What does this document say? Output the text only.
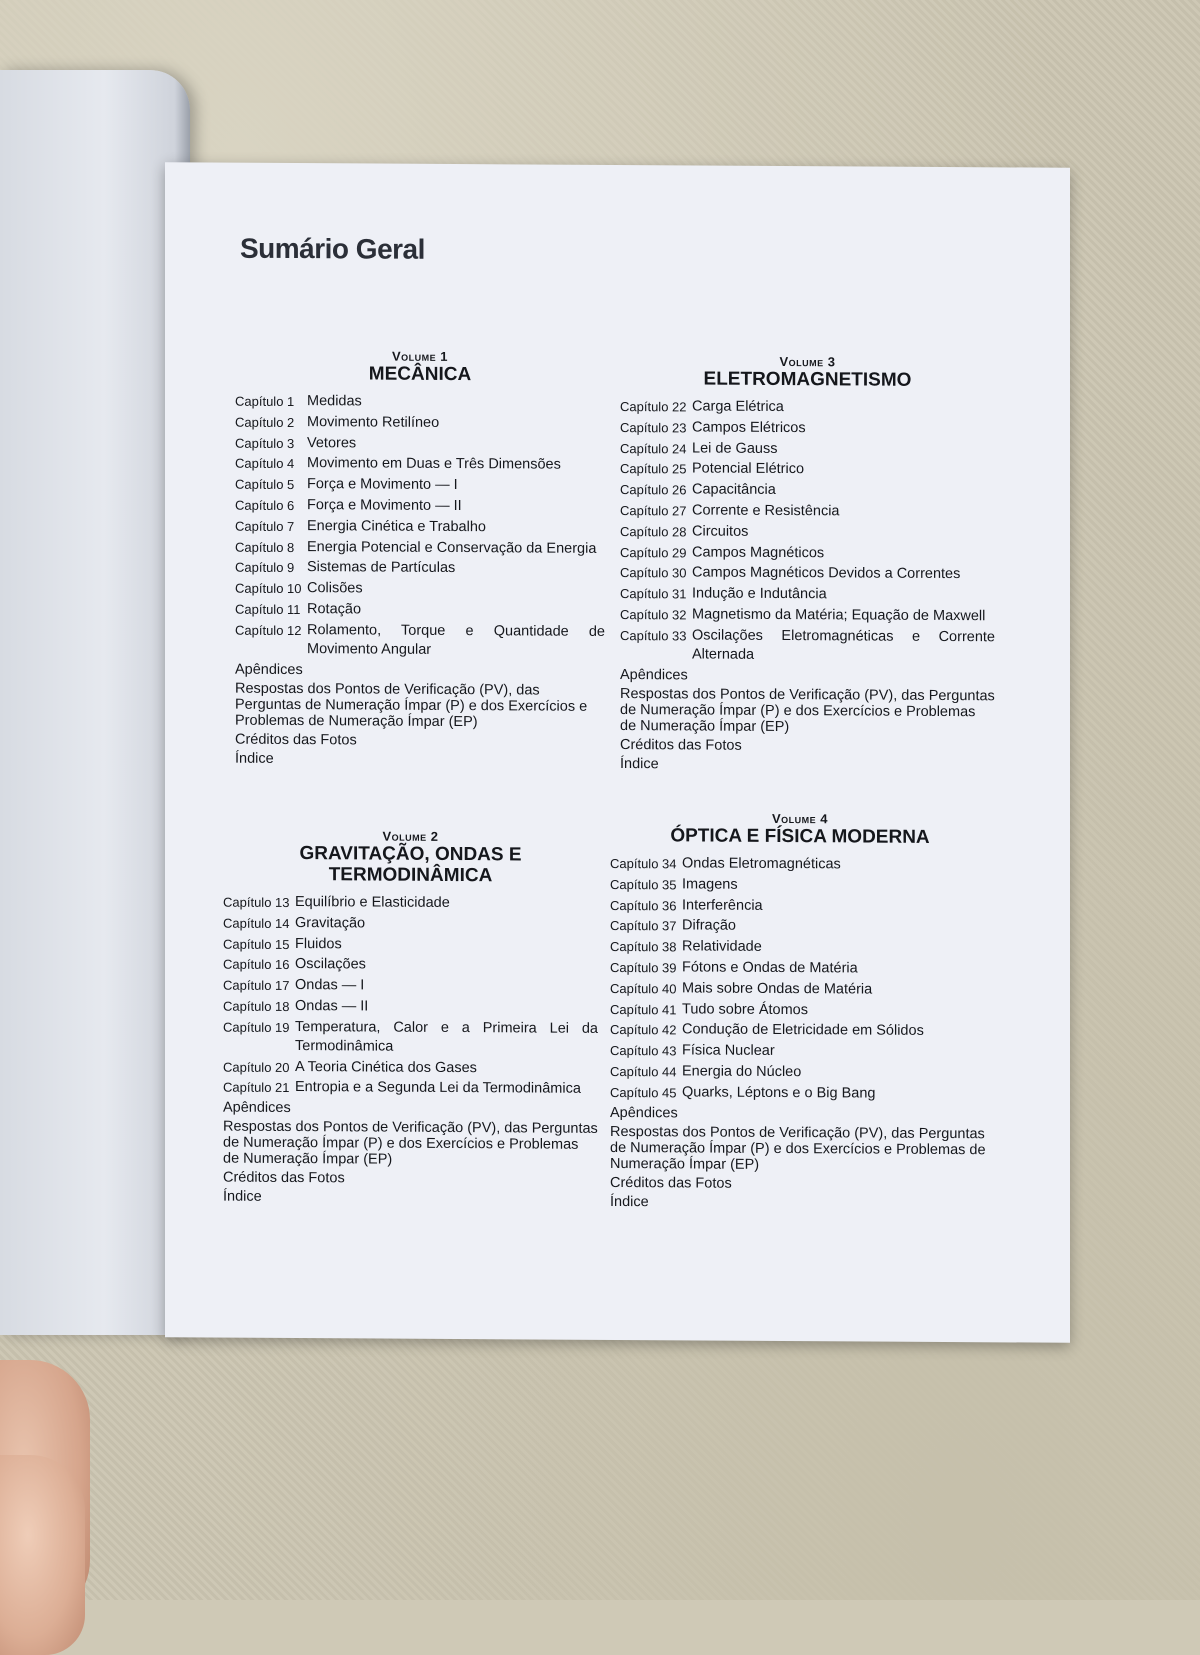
Sumário Geral
Volume 1
MECÂNICA
Capítulo 1 Medidas
Capítulo 2 Movimento Retilíneo
Capítulo 3 Vetores
Capítulo 4 Movimento em Duas e Três Dimensões
Capítulo 5 Força e Movimento — I
Capítulo 6 Força e Movimento — II
Capítulo 7 Energia Cinética e Trabalho
Capítulo 8 Energia Potencial e Conservação da Energia
Capítulo 9 Sistemas de Partículas
Capítulo 10 Colisões
Capítulo 11 Rotação
Capítulo 12 Rolamento, Torque e Quantidade de Movimento Angular
Apêndices
Respostas dos Pontos de Verificação (PV), das Perguntas de Numeração Ímpar (P) e dos Exercícios e Problemas de Numeração Ímpar (EP)
Créditos das Fotos
Índice
Volume 2
GRAVITAÇÃO, ONDAS E TERMODINÂMICA
Capítulo 13 Equilíbrio e Elasticidade
Capítulo 14 Gravitação
Capítulo 15 Fluidos
Capítulo 16 Oscilações
Capítulo 17 Ondas — I
Capítulo 18 Ondas — II
Capítulo 19 Temperatura, Calor e a Primeira Lei da Termodinâmica
Capítulo 20 A Teoria Cinética dos Gases
Capítulo 21 Entropia e a Segunda Lei da Termodinâmica
Apêndices
Respostas dos Pontos de Verificação (PV), das Perguntas de Numeração Ímpar (P) e dos Exercícios e Problemas de Numeração Ímpar (EP)
Créditos das Fotos
Índice
Volume 3
ELETROMAGNETISMO
Capítulo 22 Carga Elétrica
Capítulo 23 Campos Elétricos
Capítulo 24 Lei de Gauss
Capítulo 25 Potencial Elétrico
Capítulo 26 Capacitância
Capítulo 27 Corrente e Resistência
Capítulo 28 Circuitos
Capítulo 29 Campos Magnéticos
Capítulo 30 Campos Magnéticos Devidos a Correntes
Capítulo 31 Indução e Indutância
Capítulo 32 Magnetismo da Matéria; Equação de Maxwell
Capítulo 33 Oscilações Eletromagnéticas e Corrente Alternada
Apêndices
Respostas dos Pontos de Verificação (PV), das Perguntas de Numeração Ímpar (P) e dos Exercícios e Problemas de Numeração Ímpar (EP)
Créditos das Fotos
Índice
Volume 4
ÓPTICA E FÍSICA MODERNA
Capítulo 34 Ondas Eletromagnéticas
Capítulo 35 Imagens
Capítulo 36 Interferência
Capítulo 37 Difração
Capítulo 38 Relatividade
Capítulo 39 Fótons e Ondas de Matéria
Capítulo 40 Mais sobre Ondas de Matéria
Capítulo 41 Tudo sobre Átomos
Capítulo 42 Condução de Eletricidade em Sólidos
Capítulo 43 Física Nuclear
Capítulo 44 Energia do Núcleo
Capítulo 45 Quarks, Léptons e o Big Bang
Apêndices
Respostas dos Pontos de Verificação (PV), das Perguntas de Numeração Ímpar (P) e dos Exercícios e Problemas de Numeração Ímpar (EP)
Créditos das Fotos
Índice
